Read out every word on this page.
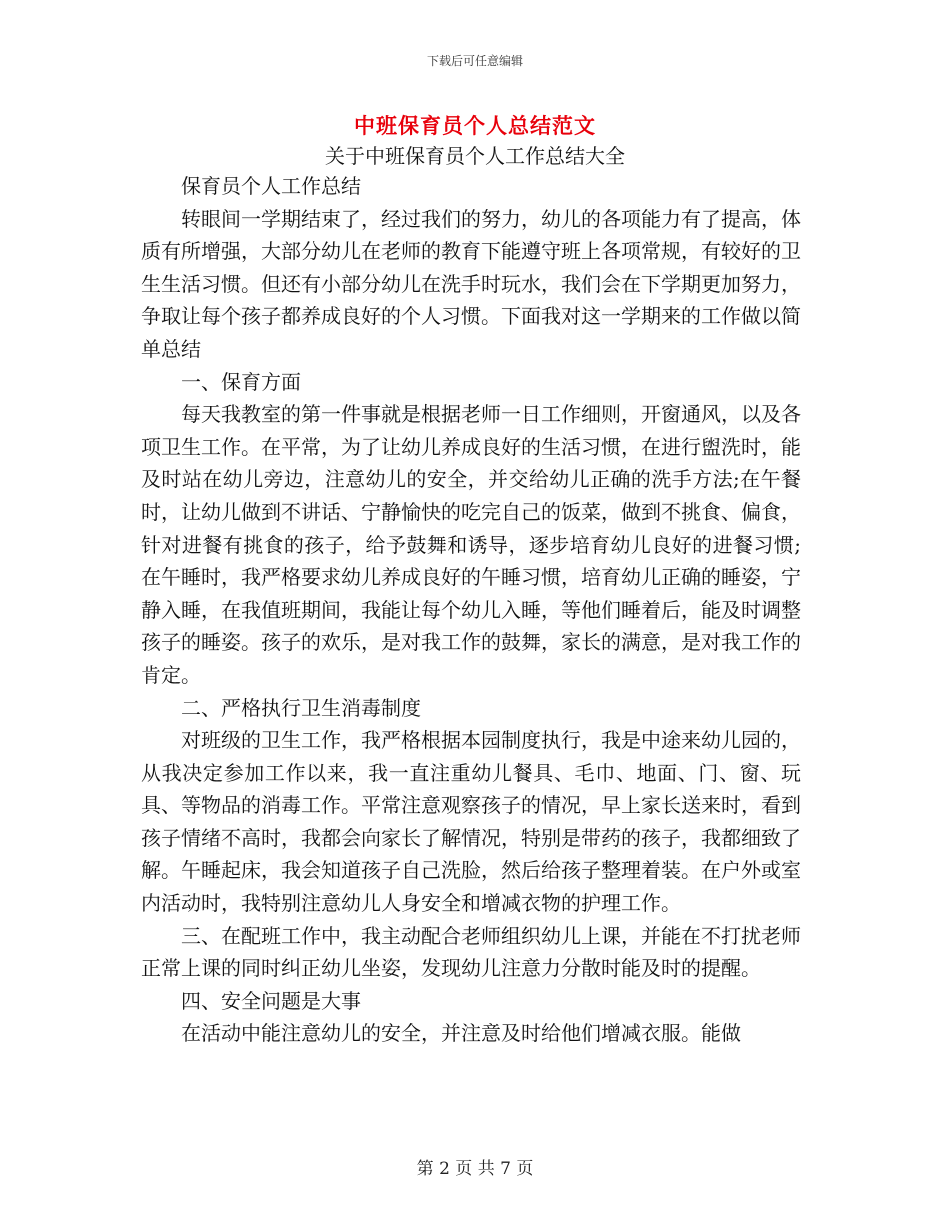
下载后可任意编辑
中班保育员个人总结范文
关于中班保育员个人工作总结大全

保育员个人工作总结

转眼间一学期结束了，经过我们的努力，幼儿的各项能力有了提高，体质有所增强，大部分幼儿在老师的教育下能遵守班上各项常规，有较好的卫生生活习惯。但还有小部分幼儿在洗手时玩水，我们会在下学期更加努力，争取让每个孩子都养成良好的个人习惯。下面我对这一学期来的工作做以简单总结

一、保育方面

每天我教室的第一件事就是根据老师一日工作细则，开窗通风，以及各项卫生工作。在平常，为了让幼儿养成良好的生活习惯，在进行盥洗时，能及时站在幼儿旁边，注意幼儿的安全，并交给幼儿正确的洗手方法;在午餐时，让幼儿做到不讲话、宁静愉快的吃完自己的饭菜，做到不挑食、偏食，针对进餐有挑食的孩子，给予鼓舞和诱导，逐步培育幼儿良好的进餐习惯;在午睡时，我严格要求幼儿养成良好的午睡习惯，培育幼儿正确的睡姿，宁静入睡，在我值班期间，我能让每个幼儿入睡，等他们睡着后，能及时调整孩子的睡姿。孩子的欢乐，是对我工作的鼓舞，家长的满意，是对我工作的肯定。

二、严格执行卫生消毒制度

对班级的卫生工作，我严格根据本园制度执行，我是中途来幼儿园的，从我决定参加工作以来，我一直注重幼儿餐具、毛巾、地面、门、窗、玩具、等物品的消毒工作。平常注意观察孩子的情况，早上家长送来时，看到孩子情绪不高时，我都会向家长了解情况，特别是带药的孩子，我都细致了解。午睡起床，我会知道孩子自己洗脸，然后给孩子整理着装。在户外或室内活动时，我特别注意幼儿人身安全和增减衣物的护理工作。

三、在配班工作中，我主动配合老师组织幼儿上课，并能在不打扰老师正常上课的同时纠正幼儿坐姿，发现幼儿注意力分散时能及时的提醒。

四、安全问题是大事

在活动中能注意幼儿的安全，并注意及时给他们增减衣服。能做

第 2 页 共 7 页
